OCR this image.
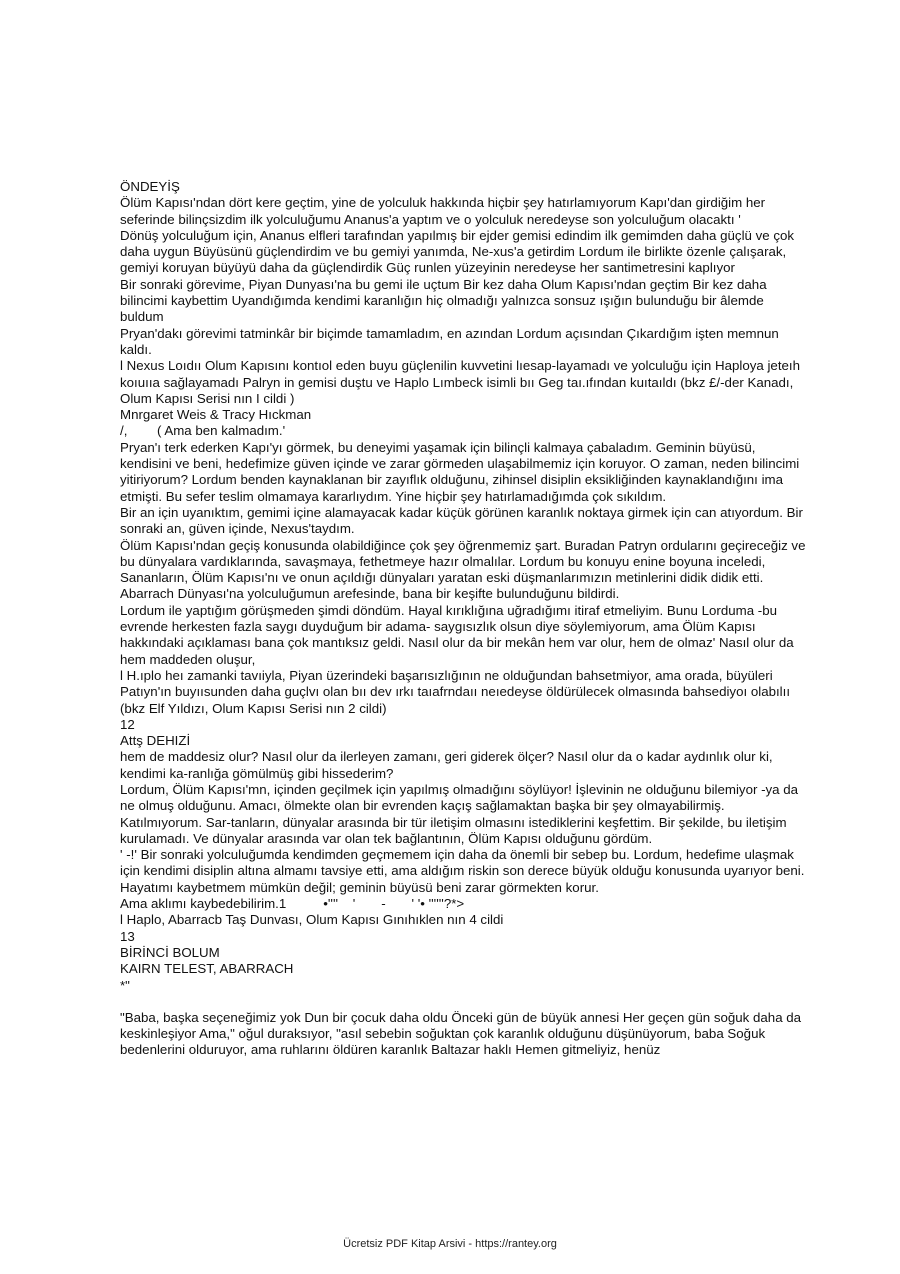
ÖNDEYİŞ

Ölüm Kapısı'ndan dört kere geçtim, yine de yolculuk hakkında hiçbir şey hatırlamıyorum Kapı'dan girdiğim her seferinde bilinçsizdim ilk yolculuğumu Ananus'a yaptım ve o yolculuk neredeyse son yolculuğum olacaktı '

Dönüş yolculuğum için, Ananus elfleri tarafından yapılmış bir ejder gemisi edindim ilk gemimden daha güçlü ve çok daha uygun Büyüsünü güçlendirdim ve bu gemiyi yanımda, Ne-xus'a getirdim Lordum ile birlikte özenle çalışarak, gemiyi koruyan büyüyü daha da güçlendirdik Güç runlen yüzeyinin neredeyse her santimetresini kaplıyor

Bir sonraki görevime, Piyan Dunyası'na bu gemi ile uçtum Bir kez daha Olum Kapısı'ndan geçtim Bir kez daha bilincimi kaybettim Uyandığımda kendimi karanlığın hiç olmadığı yalnızca sonsuz ışığın bulunduğu bir âlemde buldum

Pryan'dakı görevimi tatminkâr bir biçimde tamamladım, en azından Lordum açısından Çıkardığım işten memnun kaldı.

l Nexus Loıdıı Olum Kapısını kontıol eden buyu güçlenilin kuvvetini lıesap-layamadı ve yolculuğu için Haploya jeteıh koıuııa sağlayamadı Palryn in gemisi duştu ve Haplo Lımbeck isimli bıı Geg taı.ıfından kuıtaıldı (bkz £/-der Kanadı, Olum Kapısı Serisi nın I cildi )

Mnrgaret Weis & Tracy Hıckman

/,        ( Ama ben kalmadım.'

Pryan'ı terk ederken Kapı'yı görmek, bu deneyimi yaşamak için bilinçli kalmaya çabaladım. Geminin büyüsü, kendisini ve beni, hedefimize güven içinde ve zarar görmeden ulaşabilmemiz için koruyor. O zaman, neden bilincimi yitiriyorum? Lordum benden kaynaklanan bir zayıflık olduğunu, zihinsel disiplin eksikliğinden kaynaklandığını ima etmişti. Bu sefer teslim olmamaya kararlıydım. Yine hiçbir şey hatırlamadığımda çok sıkıldım.

Bir an için uyanıktım, gemimi içine alamayacak kadar küçük görünen karanlık noktaya girmek için can atıyordum. Bir sonraki an, güven içinde, Nexus'taydım.

Ölüm Kapısı'ndan geçiş konusunda olabildiğince çok şey öğrenmemiz şart. Buradan Patryn ordularını geçireceğiz ve bu dünyalara vardıklarında, savaşmaya, fethetmeye hazır olmalılar. Lordum bu konuyu enine boyuna inceledi, Sananların, Ölüm Kapısı'nı ve onun açıldığı dünyaları yaratan eski düşmanlarımızın metinlerini didik didik etti. Abarrach Dünyası'na yolculuğumun arefesinde, bana bir keşifte bulunduğunu bildirdi.

Lordum ile yaptığım görüşmeden şimdi döndüm. Hayal kırıklığına uğradığımı itiraf etmeliyim. Bunu Lorduma -bu evrende herkesten fazla saygı duyduğum bir adama- saygısızlık olsun diye söylemiyorum, ama Ölüm Kapısı hakkındaki açıklaması bana çok mantıksız geldi. Nasıl olur da bir mekân hem var olur, hem de olmaz' Nasıl olur da hem maddeden oluşur,

l H.ıplo heı zamanki tavıiyla, Piyan üzerindeki başarısızlığının ne olduğundan bahsetmiyor, ama orada, büyüleri Patıyn'ın buyıısunden daha guçlvı olan bıı dev ırkı taıafrndaıı neıedeyse öldürülecek olmasında bahsediyoı olabılıı (bkz Elf Yıldızı, Olum Kapısı Serisi nın 2 cildi)

12

Attş DEHIZİ

hem de maddesiz olur? Nasıl olur da ilerleyen zamanı, geri giderek ölçer? Nasıl olur da o kadar aydınlık olur ki, kendimi ka-ranlığa gömülmüş gibi hissederim?

Lordum, Ölüm Kapısı'mn, içinden geçilmek için yapılmış olmadığını söylüyor! İşlevinin ne olduğunu bilemiyor -ya da ne olmuş olduğunu. Amacı, ölmekte olan bir evrenden kaçış sağlamaktan başka bir şey olmayabilirmiş. Katılmıyorum. Sar-tanların, dünyalar arasında bir tür iletişim olmasını istediklerini keşfettim. Bir şekilde, bu iletişim kurulamadı. Ve dünyalar arasında var olan tek bağlantının, Ölüm Kapısı olduğunu gördüm.

' -!' Bir sonraki yolculuğumda kendimden geçmemem için daha da önemli bir sebep bu. Lordum, hedefime ulaşmak için kendimi disiplin altına almamı tavsiye etti, ama aldığım riskin son derece büyük olduğu konusunda uyarıyor beni.

Hayatımı kaybetmem mümkün değil; geminin büyüsü beni zarar görmekten korur.

Ama aklımı kaybedebilirim.1          •''''    '       -       ' '• ''''''?*>

l Haplo, Abarracb Taş Dunvası, Olum Kapısı Gınıhıklen nın 4 cildi

13

BİRİNCİ BOLUM

KAIRN TELEST, ABARRACH

*"

"Baba, başka seçeneğimiz yok Dun bir çocuk daha oldu Önceki gün de büyük annesi Her geçen gün soğuk daha da keskinleşiyor Ama," oğul duraksıyor, "asıl sebebin soğuktan çok karanlık olduğunu düşünüyorum, baba Soğuk bedenlerini olduruyor, ama ruhlarını öldüren karanlık Baltazar haklı Hemen gitmeliyiz, henüz

Ücretsiz PDF Kitap Arsivi - https://rantey.org
